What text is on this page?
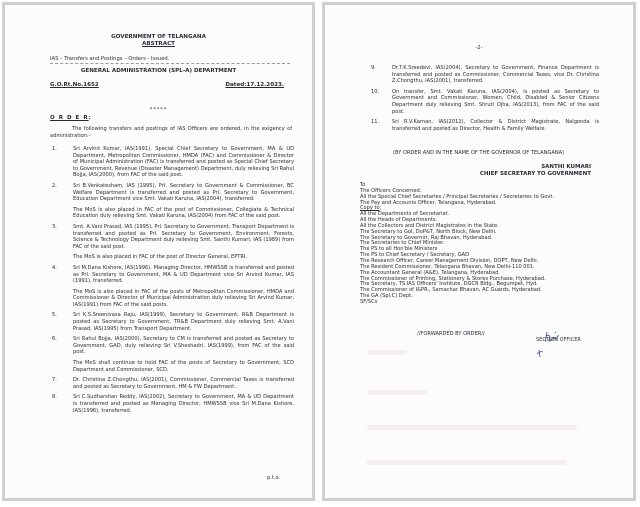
GOVERNMENT OF TELANGANA
ABSTRACT
IAS – Transfers and Postings – Orders - Issued.
GENERAL ADMINISTRATION (SPL-A) DEPARTMENT
G.O.Rt.No.1652	Dated:17.12.2023.
*****
O R D E R:
The following transfers and postings of IAS Officers are ordered, in the exigency of administration:-
1.	Sri Arvind Kumar, IAS(1991), Special Chief Secretary to Government, MA & UD Department, Metropolitan Commissioner, HMDA (FAC) and Commissioner & Director of Municipal Administration (FAC) is transferred and posted as Special Chief Secretary to Government, Revenue (Disaster Management) Department, duly relieving Sri Rahul Bojja, IAS(2000), from FAC of the said post.
2.	Sri B.Venkatesham, IAS (1995), Prl. Secretary to Government & Commissioner, BC Welfare Department is transferred and posted as Prl. Secretary to Government, Education Department vice Smt. Vakati Karuna, IAS(2004), transferred.
The MoS is also placed in FAC of the post of Commissioner, Collegiate & Technical Education duly relieving Smt. Vakati Karuna, IAS(2004) from FAC of the said post.
3.	Smt. A.Vani Prasad, IAS (1995), Prl. Secretary to Government, Transport Department is transferred and posted as Prl. Secretary to Government, Environment, Forests, Science & Technology Department duly relieving Smt. Santhi Kumari, IAS (1989) from FAC of the said post.
The MoS is also placed in FAC of the post of Director General, EPTRI.
4.	Sri M.Dana Kishore, IAS(1996), Managing Director, HMWSSB is transferred and posted as Prl. Secretary to Government, MA & UD Department vice Sri Arvind Kumar, IAS (1991), transferred.
The MoS is also placed in FAC of the posts of Metropolitan Commissioner, HMDA and Commissioner & Director of Municipal Administration duly relieving Sri Arvind Kumar, IAS(1991) from FAC of the said posts.
5.	Sri K.S.Sreenivasa Raju, IAS(1999), Secretary to Government, R&B Department is posted as Secretary to Government, TR&B Department duly relieving Smt. A.Vani Prasad, IAS(1995) from Transport Department.
6.	Sri Rahul Bojja, IAS(2000), Secretary to CM is transferred and posted as Secretary to Government, GAD, duly relieving Sri V.Sheshadri, IAS(1999), from FAC of the said post.
The MoS shall continue to hold FAC of the posts of Secretary to Government, SCD Department and Commissioner, SCD.
7.	Dr. Christina Z.Chongthu, IAS(2001), Commissioner, Commercial Taxes is transferred and posted as Secretary to Government, HM & FW Department.
8.	Sri C.Sudharshan Reddy, IAS(2002), Secretary to Government, MA & UD Department is transferred and posted as Managing Director, HMWSSB vice Sri M.Dana Kishore, IAS(1996), transferred.
p.t.o.
-2-
9.	Dr.T.K.Sreedevi, IAS(2004), Secretary to Government, Finance Department is transferred and posted as Commissioner, Commercial Taxes, vice Dr. Christina Z.Chongthu, IAS(2001), transferred.
10.	On transfer, Smt. Vakati Karuna, IAS(2004), is posted as Secretary to Government and Commissioner, Women, Child, Disabled & Senior Citizens Department duly relieving Smt. Shruti Ojha, IAS(2013), from FAC of the said post.
11.	Sri R.V.Karnan, IAS(2012), Collector & District Magistrate, Nalgonda is transferred and posted as Director, Health & Family Welfare.
(BY ORDER AND IN THE NAME OF THE GOVERNOR OF TELANGANA)
SANTHI KUMARI
CHIEF SECRETARY TO GOVERNMENT
To
The Officers Concerned.
All the Special Chief Secretaries / Principal Secretaries / Secretaries to Govt.
The Pay and Accounts Officer, Telangana, Hyderabad.
Copy to:
All the Departments of Secretariat.
All the Heads of Departments.
All the Collectors and District Magistrates in the State.
The Secretary to GoI, DoP&T, North Block, New Delhi.
The Secretary to Governor, Raj Bhavan, Hyderabad.
The Secretaries to Chief Minister.
The PS to all Hon'ble Ministers
The PS to Chief Secretary / Secretary, GAD
The Research Officer, Career Management Division, DOPT, New Delhi.
The Resident Commissioner, Telangana Bhavan, New Delhi-110 001.
The Accountant General (A&E), Telangana, Hyderabad.
The Commissioner of Printing, Stationery & Stores Purchase, Hyderabad.
The Secretary, TS IAS Officers' Institute, DGCR Bldg., Begumpet, Hyd.
The Commissioner of I&PR., Samachar Bhavan, AC Guards, Hyderabad.
The GA (Spl.C) Dept.
SF/SCs
//FORWARDED BY ORDER//
SECTION OFFICER
